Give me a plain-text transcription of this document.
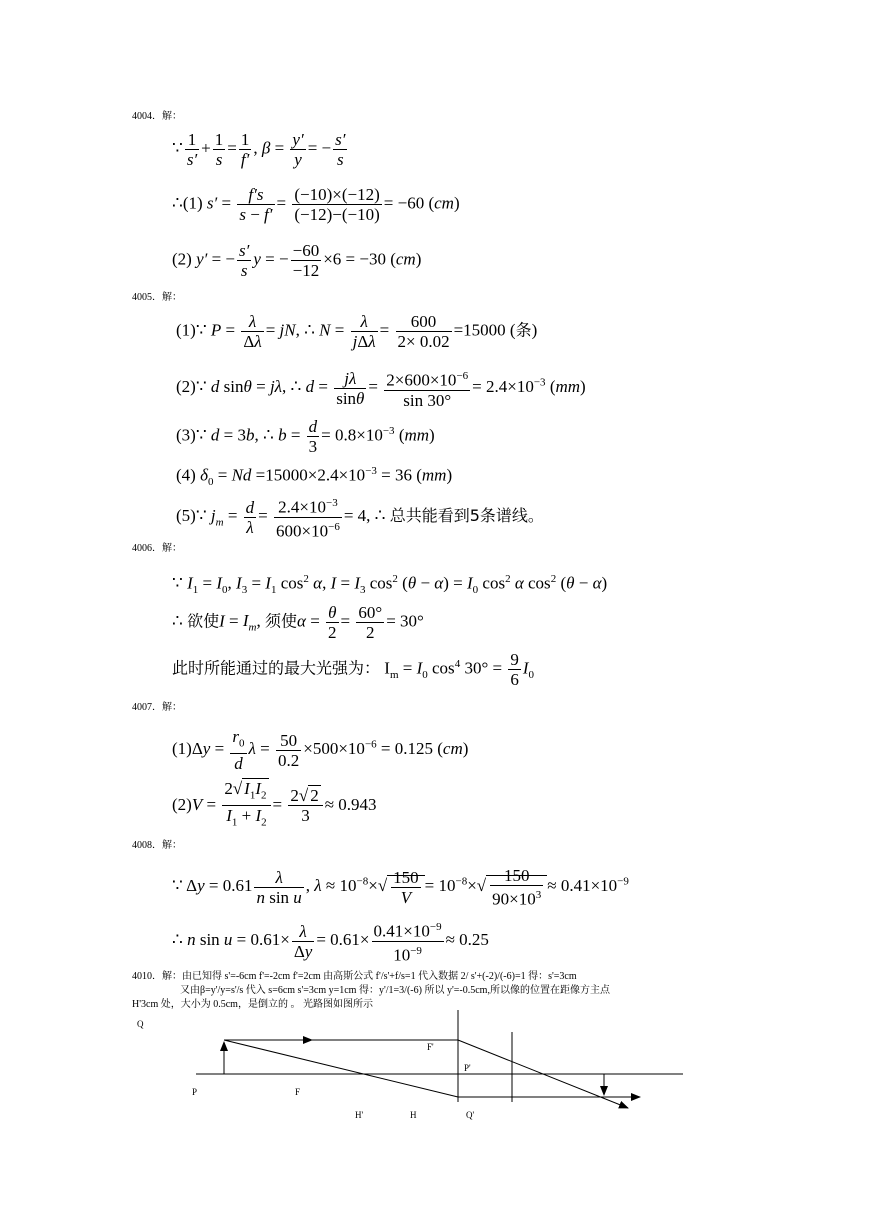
4004．解：
∵ $\frac{1}{s'} + \frac{1}{s} = \frac{1}{f'}$ , $\beta = \frac{y'}{y}$ = − $\frac{s'}{s}$
∴(1) $s' = \frac{f's}{s - f'} = \frac{(-10)\times(-12)}{(-12)-(-10)} = -60$ (cm)
(2) y′ = − $\frac{s'}{s}$ y = − $\frac{-60}{-12} \times 6 = -30$ (cm)
4005．解：
(1)∵ $P = \frac{\lambda}{\Delta\lambda}$ = jN, ∴ $N = \frac{\lambda}{\text{jΔλ}} = \frac{600}{2\times 0.02} =15000$ (条)
(2)∵ d sinθ = jλ, ∴ $d = \frac{j\lambda}{\sin\theta} = \frac{2\times 600\times 10^{-6}}{\sin 30^\circ} = 2.4\times 10^{-3}$ (mm)
(3)∵ d = 3b, ∴ $b = \frac{d}{3} = 0.8\times 10^{-3}$ (mm)
(4) $\delta_0 = Nd =15000\times 2.4\times 10^{-3} = 36$ (mm)
(5)∵ $j_m = \frac{d}{\lambda} = \frac{2.4\times 10^{-3}}{600\times 10^{-6}} = 4$, ∴ 总共能看到5条谱线。
4006．解：
∵ $I_1 = I_0$, $I_3 = I_1$ $\cos^2 \alpha$, $I = I_3$ $\cos^2 (\theta - \alpha) = I_0$ $\cos^2 \alpha$ $\cos^2 (\theta - \alpha)$
∴ 欲使$I = I_m$, 须使$\alpha = \frac{\theta}{2} = \frac{60^\circ}{2} = 30^\circ$
此时所能通过的最大光强为： $I_m = I_0$ $\cos^4 30^\circ = \frac{9}{6} I_0$
4007．解：
$(1)\Delta y = \frac{r_0}{d}$ $\lambda = \frac{50}{0.2} \times 500\times 10^{-6} = 0.125$ (cm)
$(2)V = \frac{2√ I_1I_2}{I_1 + I_2} = \frac{2√ 2}{3} \approx 0.943$
4008．解：
∵ $\Delta y = 0.61 \frac{\lambda}{\text{n sin u}}$ , $\lambda \approx 10^{-8}\times√ \frac{150}{V} = 10^{-8}\times√ \frac{150}{90\times 10^3} \approx 0.41\times 10^{-9}$
∴ n $\sin u = 0.61\times \frac{\lambda}{\Delta y} = 0.61\times \frac{0.41\times 10^{-9}}{10^{-9}} \approx 0.25$
4010．解：由已知得 s'=-6cm f'=-2cm f'=2cm 由高斯公式 f'/s'+f/s=1 代入数据 2/ s'+(-2)/(-6)=1 得：s'=3cm
又由β=y'/y=s'/s 代入 s=6cm s'=3cm y=1cm 得：y'/1=3/(-6) 所以 y'=-0.5cm,所以像的位置在距像方主点
H'3cm 处，大小为 0.5cm，是倒立的 。 光路图如图所示
Q
P	F
F'
P'
H'	H	Q'
